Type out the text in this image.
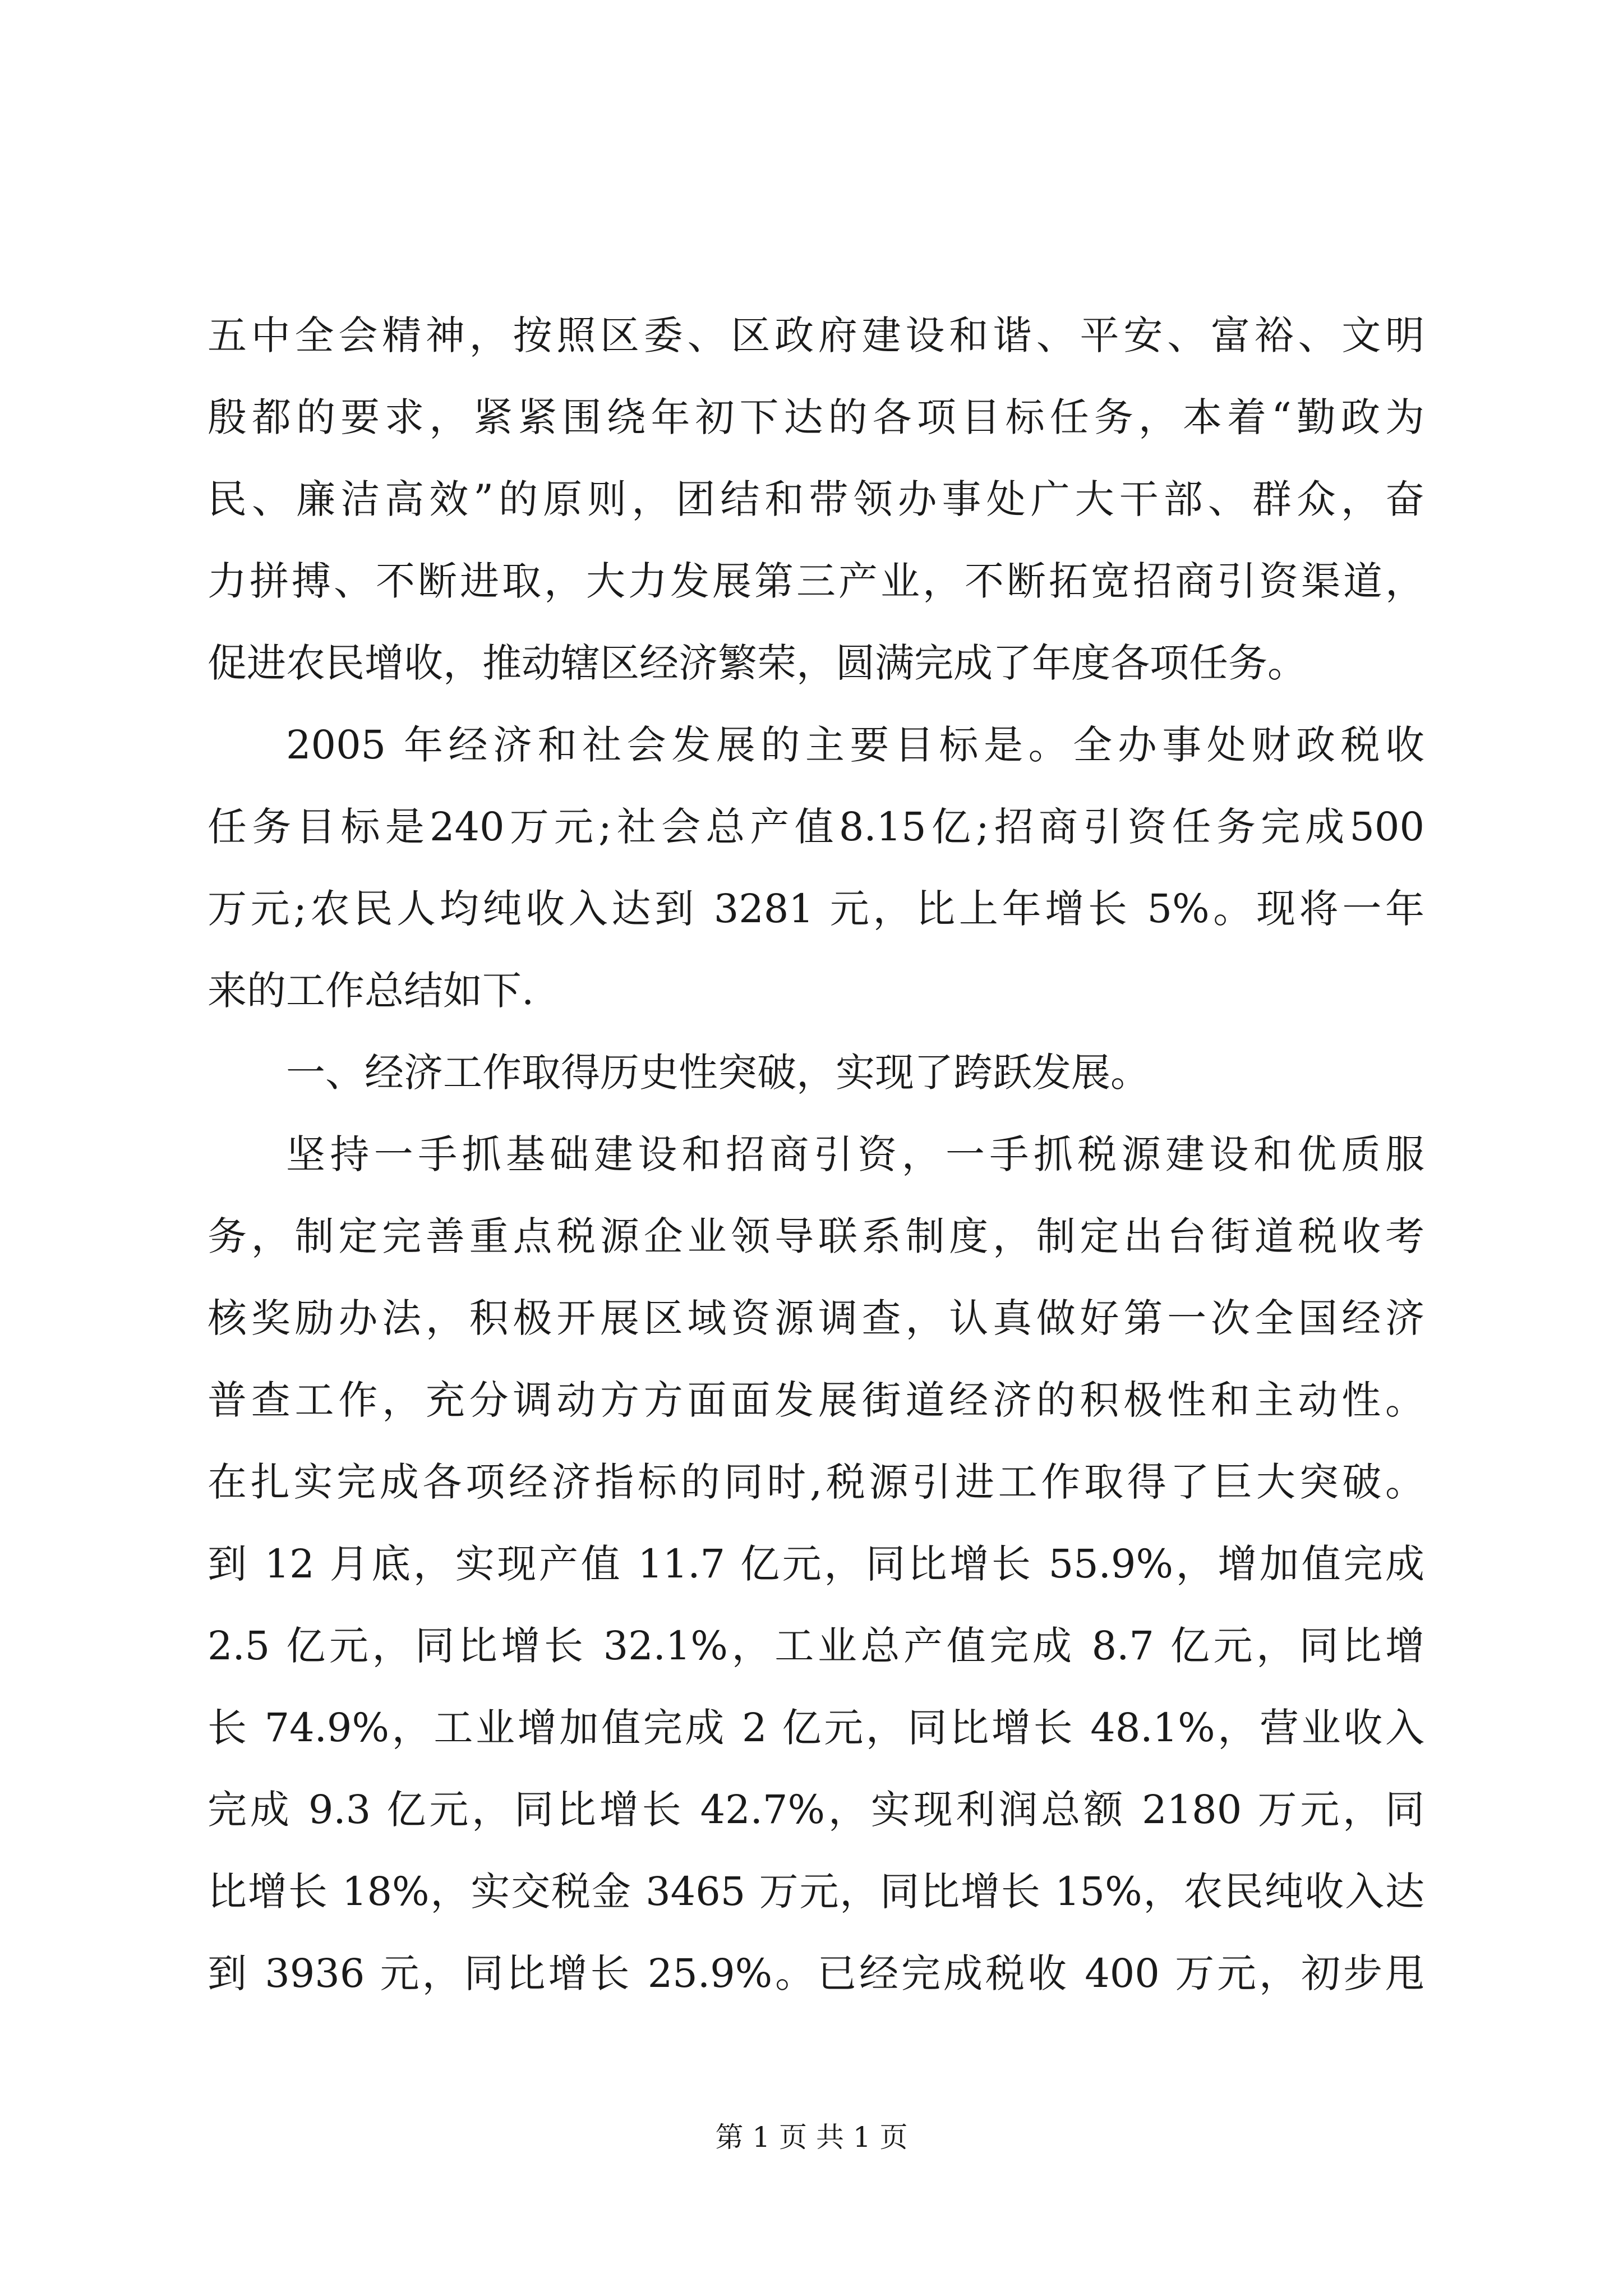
五中全会精神，按照区委、区政府建设和谐、平安、富裕、文明
殷都的要求，紧紧围绕年初下达的各项目标任务，本着“勤政为
民、廉洁高效”的原则，团结和带领办事处广大干部、群众，奋
力拼搏、不断进取，大力发展第三产业，不断拓宽招商引资渠道，
促进农民增收，推动辖区经济繁荣，圆满完成了年度各项任务。
2005 年经济和社会发展的主要目标是。全办事处财政税收
任务目标是240万元;社会总产值8.15亿;招商引资任务完成500
万元;农民人均纯收入达到 3281 元，比上年增长 5%。现将一年
来的工作总结如下.
一、经济工作取得历史性突破，实现了跨跃发展。
坚持一手抓基础建设和招商引资，一手抓税源建设和优质服
务，制定完善重点税源企业领导联系制度，制定出台街道税收考
核奖励办法，积极开展区域资源调查，认真做好第一次全国经济
普查工作，充分调动方方面面发展街道经济的积极性和主动性。
在扎实完成各项经济指标的同时,税源引进工作取得了巨大突破。
到 12 月底，实现产值 11.7 亿元，同比增长 55.9%，增加值完成
2.5 亿元，同比增长 32.1%，工业总产值完成 8.7 亿元，同比增
长 74.9%，工业增加值完成 2 亿元，同比增长 48.1%，营业收入
完成 9.3 亿元，同比增长 42.7%，实现利润总额 2180 万元，同
比增长 18%，实交税金 3465 万元，同比增长 15%，农民纯收入达
到 3936 元，同比增长 25.9%。已经完成税收 400 万元，初步甩
第 1 页 共 1 页
